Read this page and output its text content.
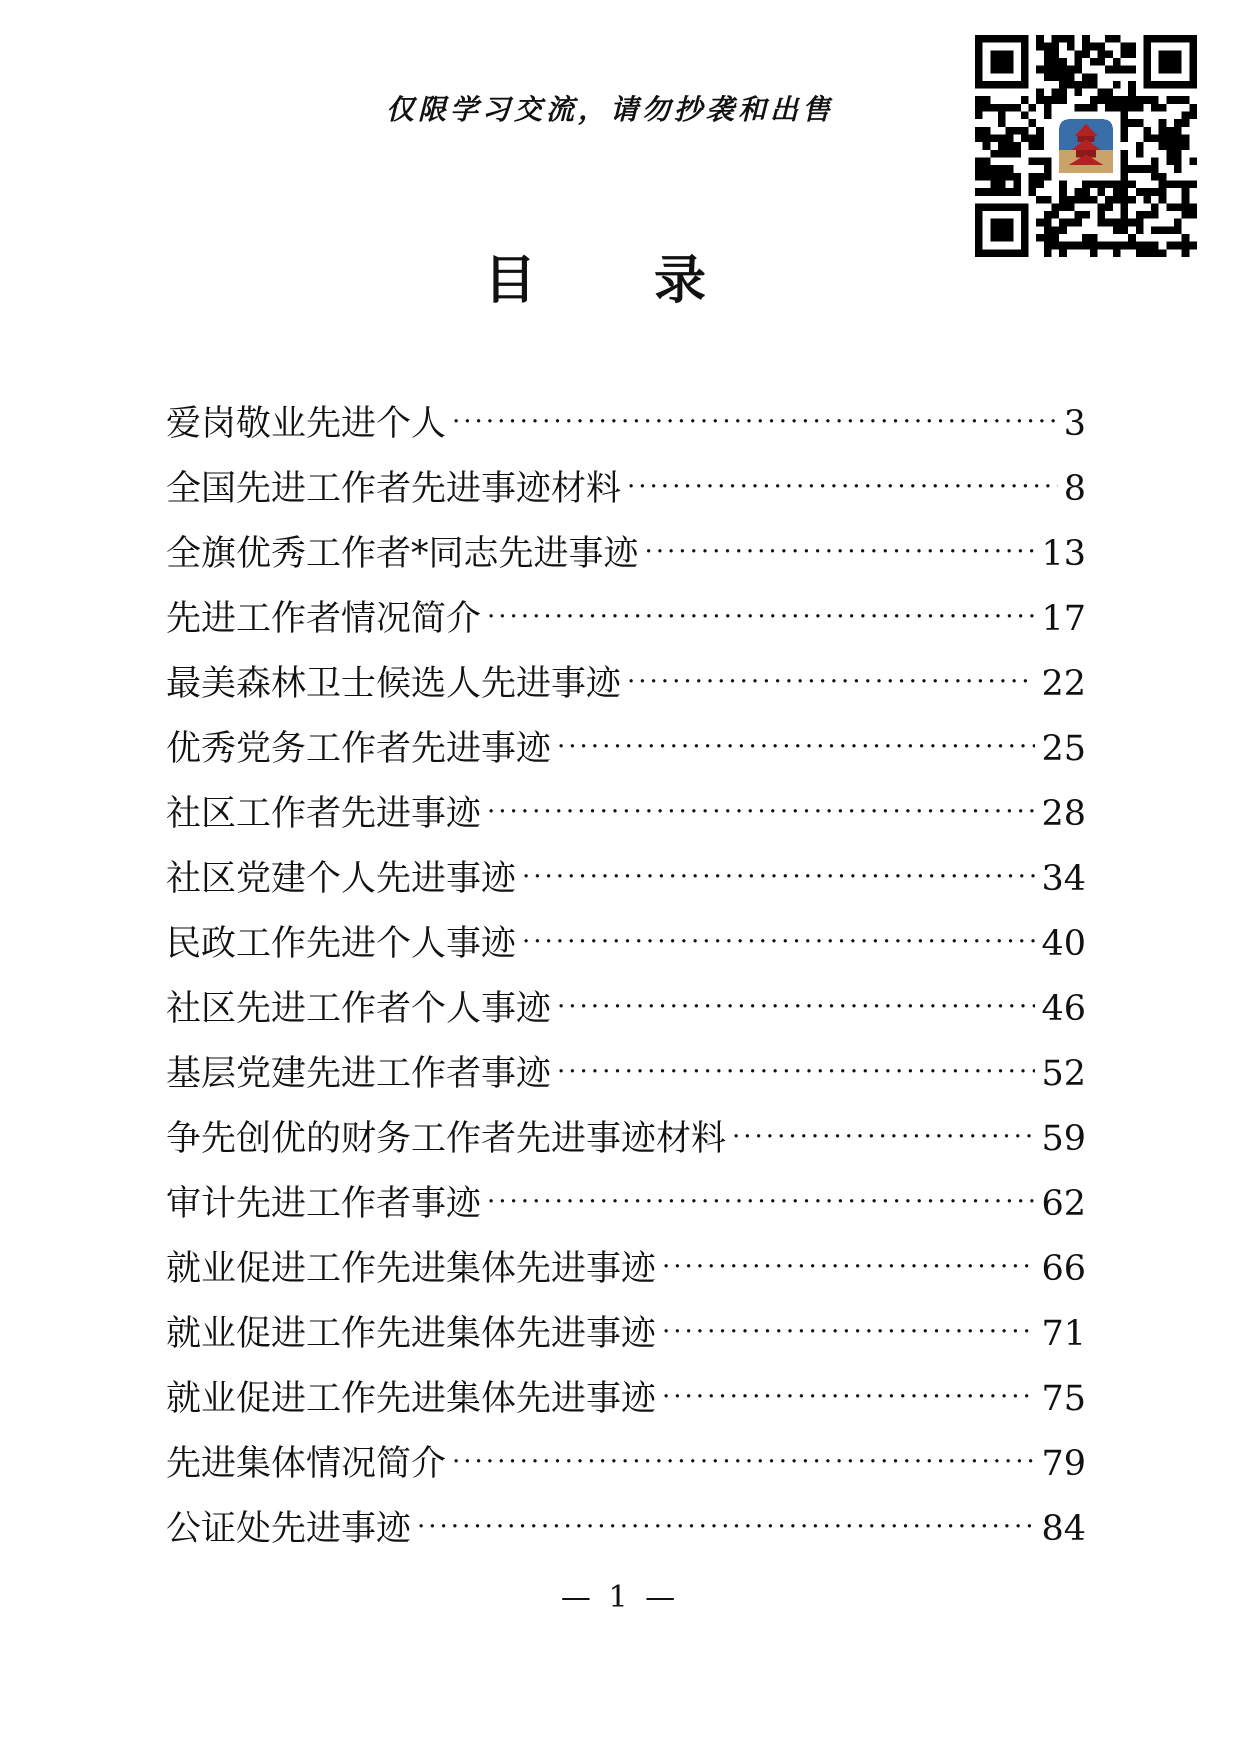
仅限学习交流，请勿抄袭和出售
目 录
爱岗敬业先进个人 .....	3
全国先进工作者先进事迹材料 .....	8
全旗优秀工作者*同志先进事迹 .....	13
先进工作者情况简介 .....	17
最美森林卫士候选人先进事迹 .....	22
优秀党务工作者先进事迹 .....	25
社区工作者先进事迹 .....	28
社区党建个人先进事迹 .....	34
民政工作先进个人事迹 .....	40
社区先进工作者个人事迹 .....	46
基层党建先进工作者事迹 .....	52
争先创优的财务工作者先进事迹材料 .....	59
审计先进工作者事迹 .....	62
就业促进工作先进集体先进事迹 .....	66
就业促进工作先进集体先进事迹 .....	71
就业促进工作先进集体先进事迹 .....	75
先进集体情况简介 .....	79
公证处先进事迹 .....	84
— 1 —
